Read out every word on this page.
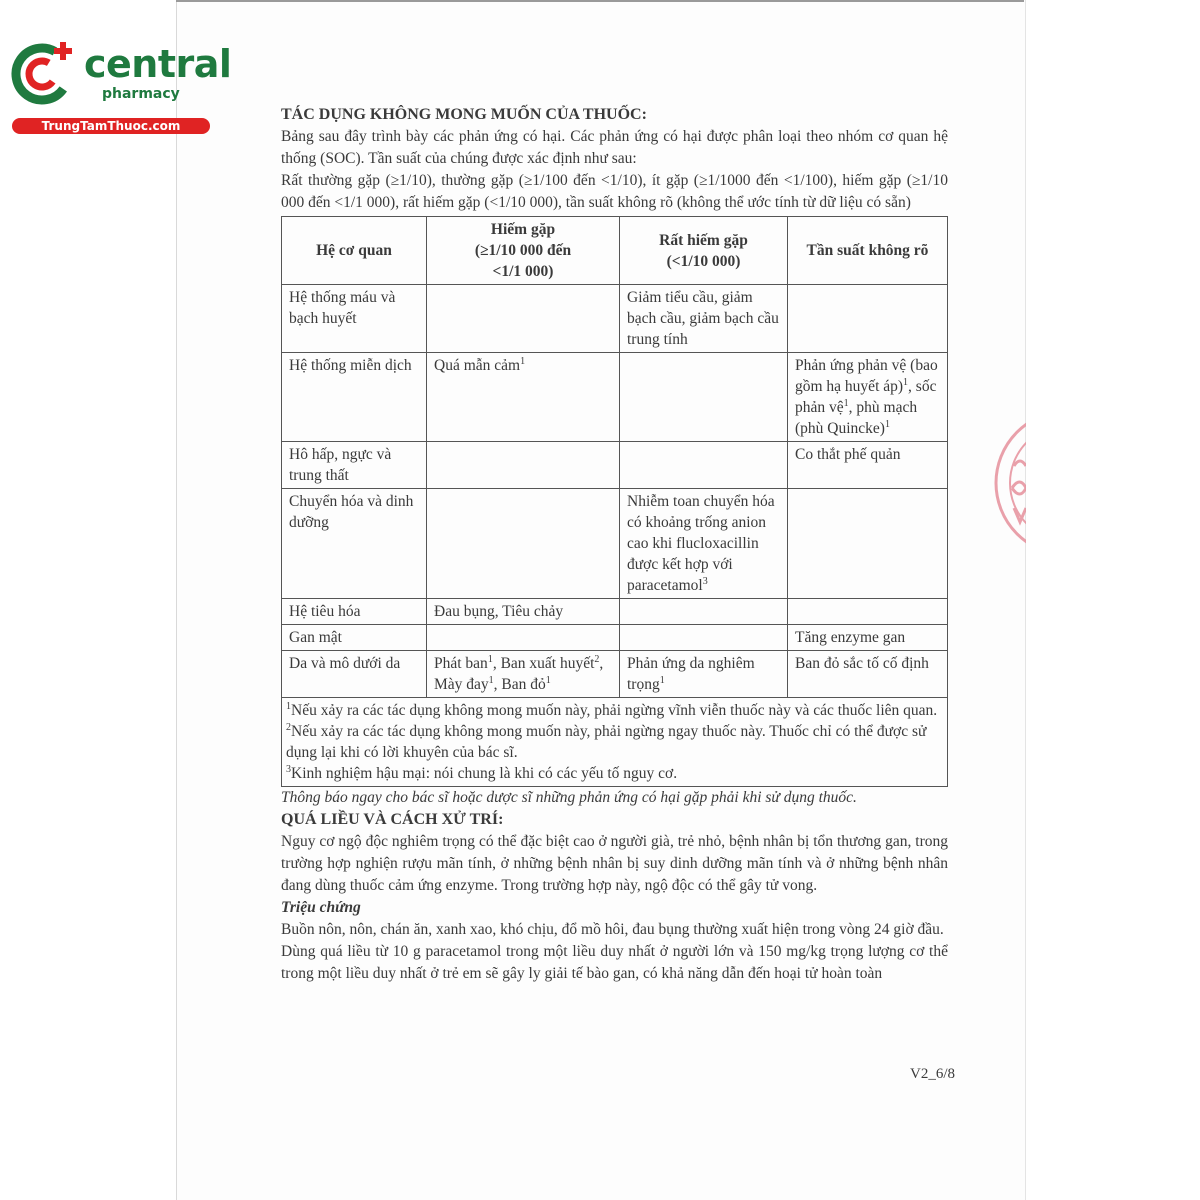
central
pharmacy
TrungTamThuoc.com

TÁC DỤNG KHÔNG MONG MUỐN CỦA THUỐC:

Bảng sau đây trình bày các phản ứng có hại. Các phản ứng có hại được phân loại theo nhóm cơ quan hệ thống (SOC). Tần suất của chúng được xác định như sau:

Rất thường gặp (≥1/10), thường gặp (≥1/100 đến <1/10), ít gặp (≥1/1000 đến <1/100), hiếm gặp (≥1/10 000 đến <1/1 000), rất hiếm gặp (<1/10 000), tần suất không rõ (không thể ước tính từ dữ liệu có sẵn)

Hệ cơ quan	Hiếm gặp
(≥1/10 000 đến
<1/1 000)	Rất hiếm gặp
(<1/10 000)	Tần suất không rõ
Hệ thống máu và bạch huyết		Giảm tiểu cầu, giảm bạch cầu, giảm bạch cầu trung tính	
Hệ thống miễn dịch	Quá mẫn cảm$^1$		Phản ứng phản vệ (bao gồm hạ huyết áp)$^1$, sốc phản vệ$^1$, phù mạch (phù Quincke)$^1$
Hô hấp, ngực và trung thất			Co thắt phế quản
Chuyển hóa và dinh dưỡng		Nhiễm toan chuyển hóa có khoảng trống anion cao khi flucloxacillin được kết hợp với paracetamol$^3$	
Hệ tiêu hóa	Đau bụng, Tiêu chảy		
Gan mật			Tăng enzyme gan
Da và mô dưới da	Phát ban$^1$, Ban xuất huyết$^2$, Mày đay$^1$, Ban đỏ$^1$	Phản ứng da nghiêm trọng$^1$	Ban đỏ sắc tố cố định

$^1$Nếu xảy ra các tác dụng không mong muốn này, phải ngừng vĩnh viễn thuốc này và các thuốc liên quan.

$^2$Nếu xảy ra các tác dụng không mong muốn này, phải ngừng ngay thuốc này. Thuốc chỉ có thể được sử dụng lại khi có lời khuyên của bác sĩ.

$^3$Kinh nghiệm hậu mại: nói chung là khi có các yếu tố nguy cơ.			

Thông báo ngay cho bác sĩ hoặc dược sĩ những phản ứng có hại gặp phải khi sử dụng thuốc.

QUÁ LIỀU VÀ CÁCH XỬ TRÍ:

Nguy cơ ngộ độc nghiêm trọng có thể đặc biệt cao ở người già, trẻ nhỏ, bệnh nhân bị tổn thương gan, trong trường hợp nghiện rượu mãn tính, ở những bệnh nhân bị suy dinh dưỡng mãn tính và ở những bệnh nhân đang dùng thuốc cảm ứng enzyme. Trong trường hợp này, ngộ độc có thể gây tử vong.

Triệu chứng

Buồn nôn, nôn, chán ăn, xanh xao, khó chịu, đổ mồ hôi, đau bụng thường xuất hiện trong vòng 24 giờ đầu.

Dùng quá liều từ 10 g paracetamol trong một liều duy nhất ở người lớn và 150 mg/kg trọng lượng cơ thể trong một liều duy nhất ở trẻ em sẽ gây ly giải tế bào gan, có khả năng dẫn đến hoại tử hoàn toàn

V2_6/8
